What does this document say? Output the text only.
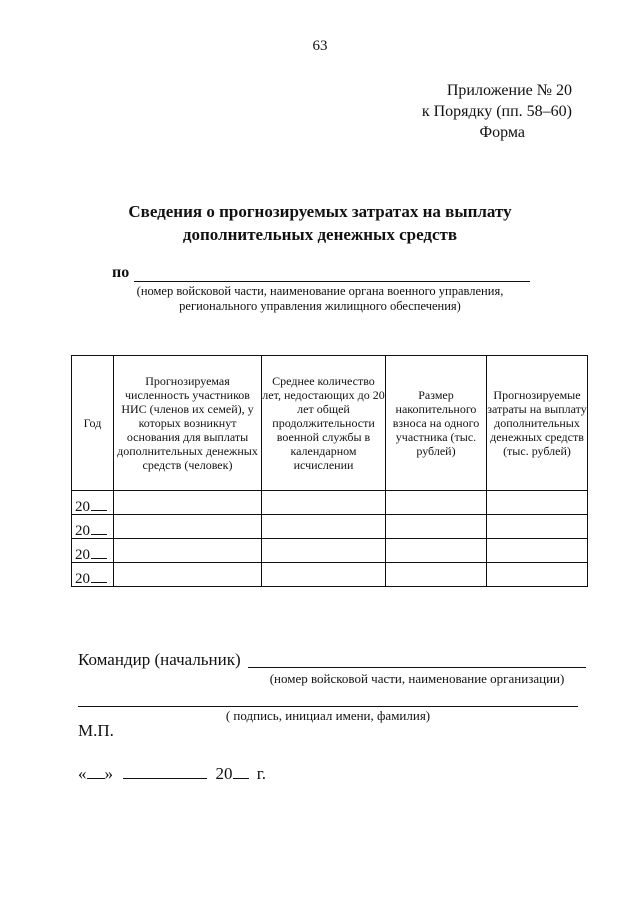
63
Приложение № 20
к Порядку (пп. 58–60)
Форма
Сведения о прогнозируемых затратах на выплату
дополнительных денежных средств
по
(номер войсковой части, наименование органа военного управления,
регионального управления жилищного обеспечения)
Год	Прогнозируемая численность участников НИС (членов их семей), у которых возникнут основания для выплаты дополнительных денежных средств (человек)	Среднее количество лет, недостающих до 20 лет общей продолжительности военной службы в календарном исчислении	Размер накопительного взноса на одного участника (тыс. рублей)	Прогнозируемые затраты на выплату дополнительных денежных средств (тыс. рублей)
20				
20				
20				
20				
Командир (начальник)
(номер войсковой части, наименование организации)
( подпись, инициал имени, фамилия)
М.П.
« »	20 г.
